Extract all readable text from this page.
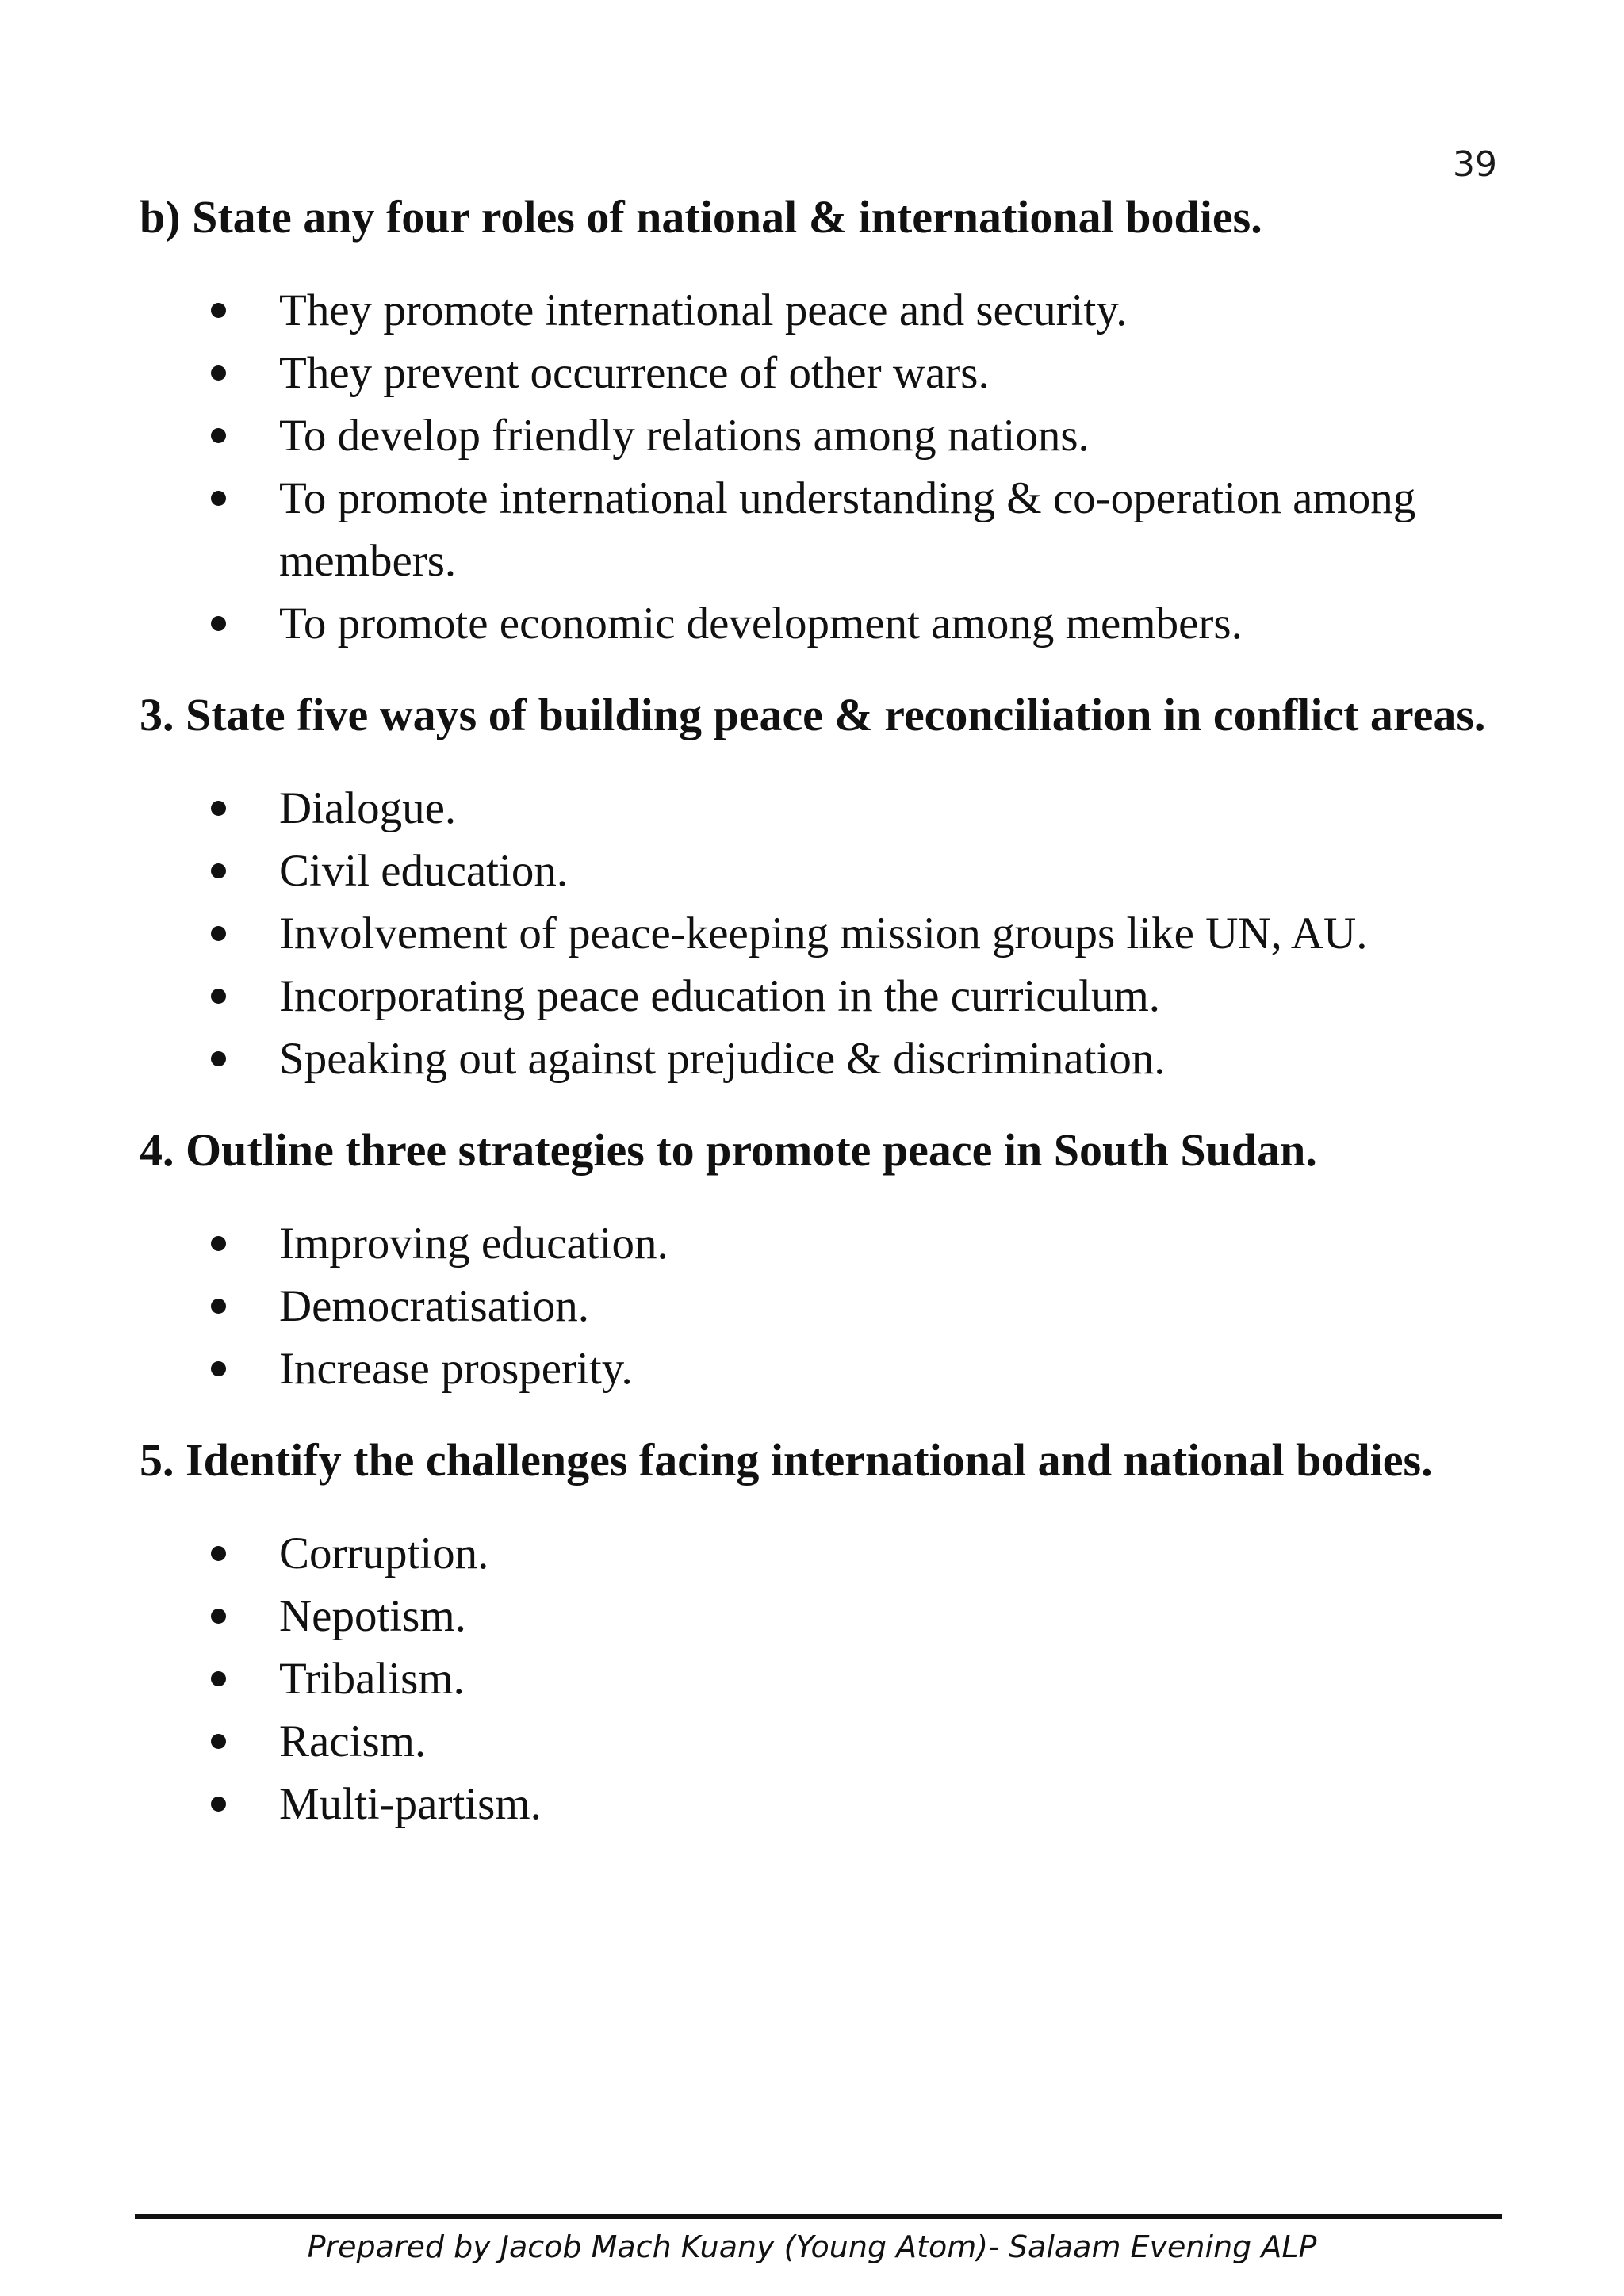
39
b) State any four roles of national & international bodies.
They promote international peace and security.
They prevent occurrence of other wars.
To develop friendly relations among nations.
To promote international understanding & co-operation among members.
To promote economic development among members.
3. State five ways of building peace & reconciliation in conflict areas.
Dialogue.
Civil education.
Involvement of peace-keeping mission groups like UN, AU.
Incorporating peace education in the curriculum.
Speaking out against prejudice & discrimination.
4. Outline three strategies to promote peace in South Sudan.
Improving education.
Democratisation.
Increase prosperity.
5. Identify the challenges facing international and national bodies.
Corruption.
Nepotism.
Tribalism.
Racism.
Multi-partism.
Prepared by Jacob Mach Kuany (Young Atom)- Salaam Evening ALP
